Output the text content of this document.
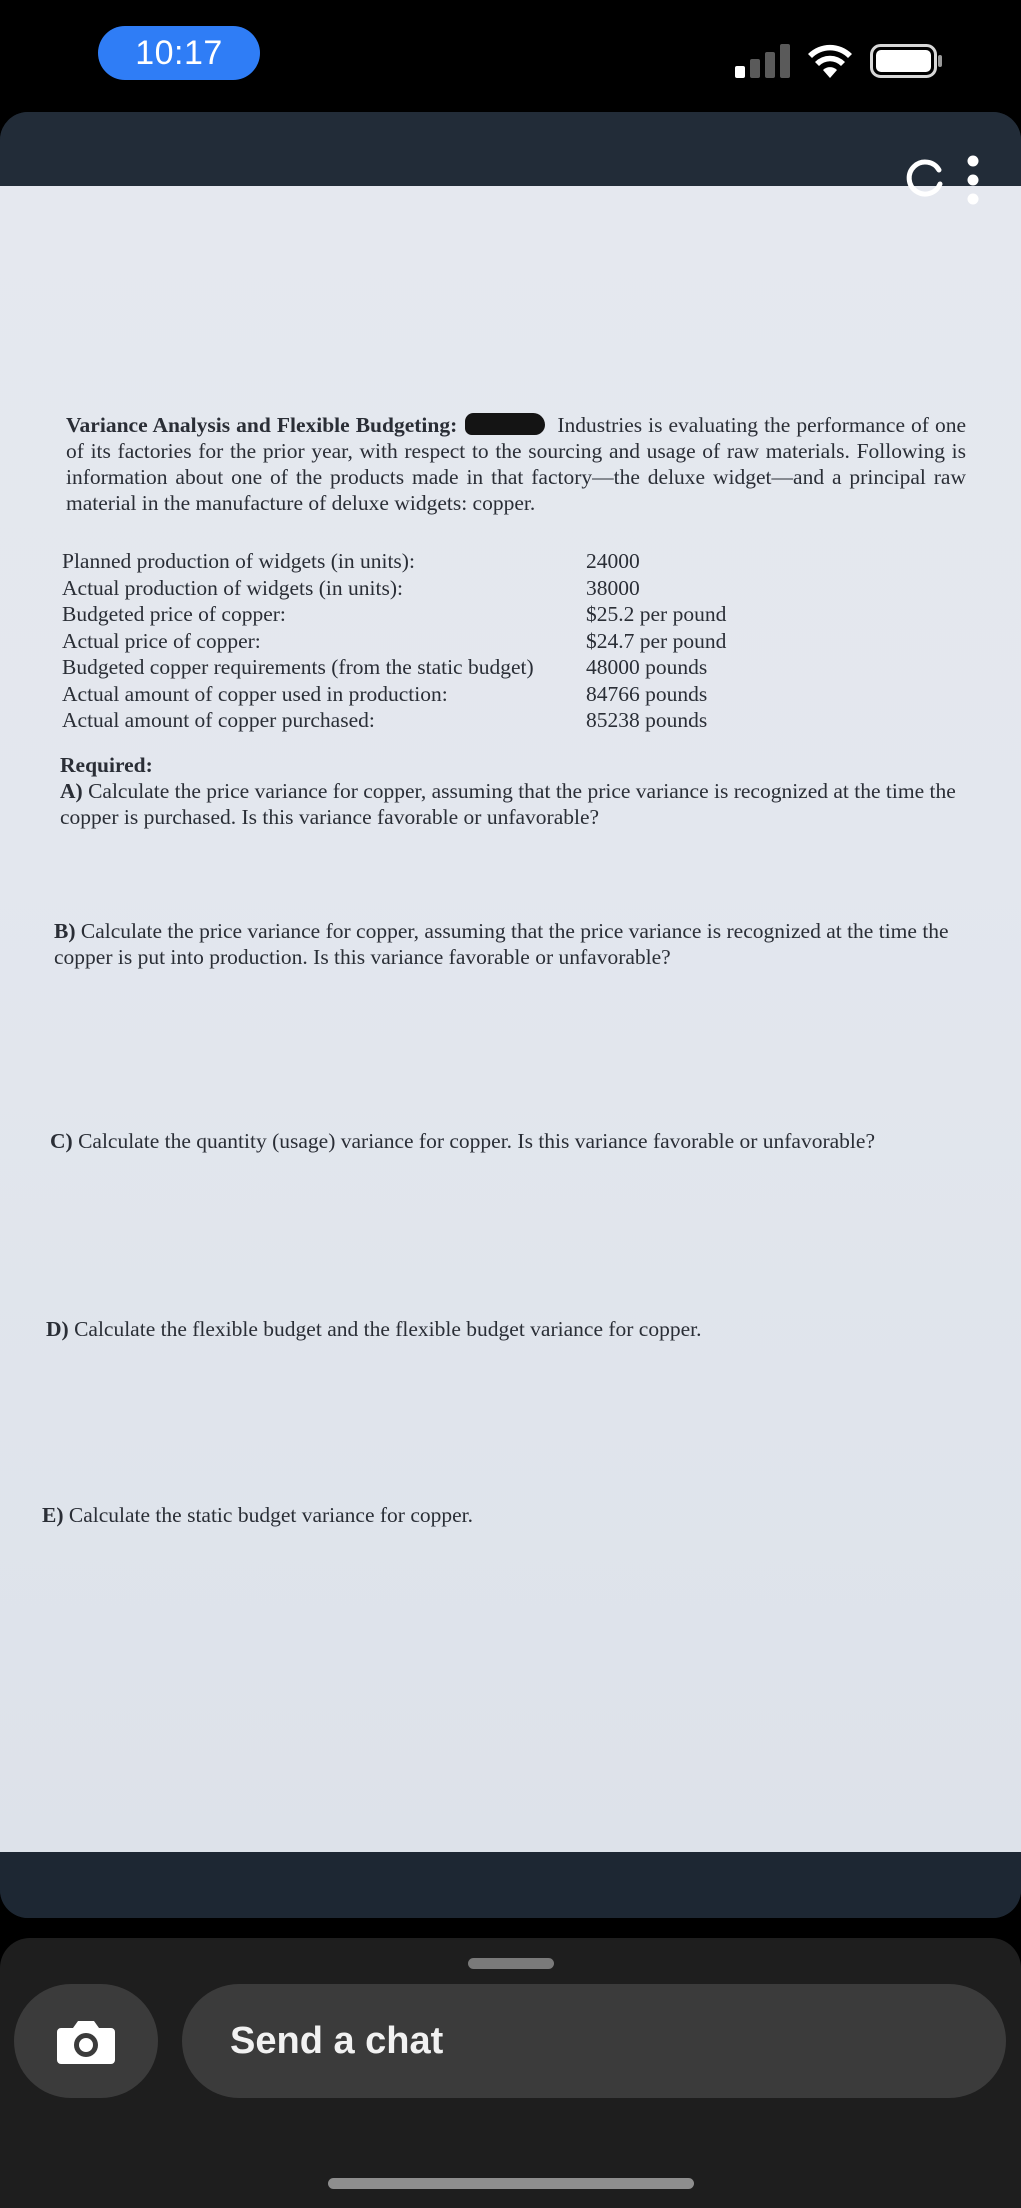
10:17
Variance Analysis and Flexible Budgeting:	Industries is evaluating the performance of one of its factories for the prior year, with respect to the sourcing and usage of raw materials. Following is information about one of the products made in that factory—the deluxe widget—and a principal raw material in the manufacture of deluxe widgets: copper.
Planned production of widgets (in units):	24000
Actual production of widgets (in units):	38000
Budgeted price of copper:	$25.2 per pound
Actual price of copper:	$24.7 per pound
Budgeted copper requirements (from the static budget)	48000 pounds
Actual amount of copper used in production:	84766 pounds
Actual amount of copper purchased:	85238 pounds
Required:
A) Calculate the price variance for copper, assuming that the price variance is recognized at the time the copper is purchased. Is this variance favorable or unfavorable?
B) Calculate the price variance for copper, assuming that the price variance is recognized at the time the copper is put into production. Is this variance favorable or unfavorable?
C) Calculate the quantity (usage) variance for copper. Is this variance favorable or unfavorable?
D) Calculate the flexible budget and the flexible budget variance for copper.
E) Calculate the static budget variance for copper.
Send a chat
